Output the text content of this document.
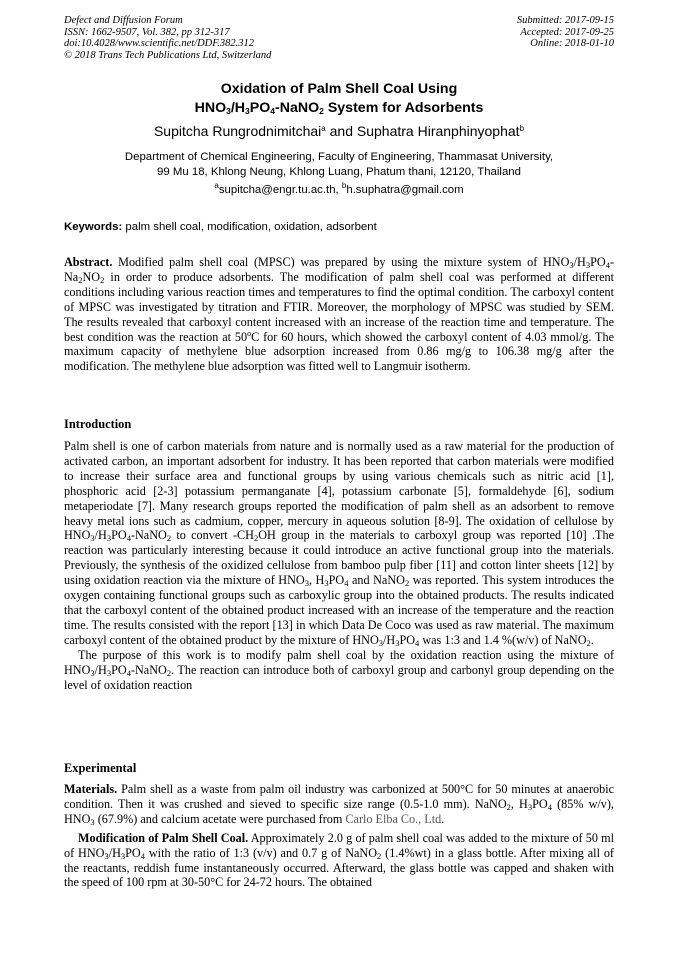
Defect and Diffusion Forum
ISSN: 1662-9507, Vol. 382, pp 312-317
doi:10.4028/www.scientific.net/DDF.382.312
© 2018 Trans Tech Publications Ltd, Switzerland
Submitted: 2017-09-15
Accepted: 2017-09-25
Online: 2018-01-10
Oxidation of Palm Shell Coal Using
$HNO_3/H_3PO_4-NaNO_2$ System for Adsorbents
Supitcha Rungrodnimitchai$^a$ and Suphatra Hiranphinyophat$^b$
Department of Chemical Engineering, Faculty of Engineering, Thammasat University,
99 Mu 18, Khlong Neung, Khlong Luang, Phatum thani, 12120, Thailand
$^a$supitcha@engr.tu.ac.th, $^b$h.suphatra@gmail.com
Keywords: palm shell coal, modification, oxidation, adsorbent

Abstract. Modified palm shell coal (MPSC) was prepared by using the mixture system of $HNO_3/H_3PO_4-Na_2NO_2$ in order to produce adsorbents. The modification of palm shell coal was performed at different conditions including various reaction times and temperatures to find the optimal condition. The carboxyl content of MPSC was investigated by titration and FTIR. Moreover, the morphology of MPSC was studied by SEM. The results revealed that carboxyl content increased with an increase of the reaction time and temperature. The best condition was the reaction at 50$^o$C for 60 hours, which showed the carboxyl content of 4.03 mmol/g. The maximum capacity of methylene blue adsorption increased from 0.86 mg/g to 106.38 mg/g after the modification. The methylene blue adsorption was fitted well to Langmuir isotherm.

Introduction

Palm shell is one of carbon materials from nature and is normally used as a raw material for the production of activated carbon, an important adsorbent for industry. It has been reported that carbon materials were modified to increase their surface area and functional groups by using various chemicals such as nitric acid [1], phosphoric acid [2-3] potassium permanganate [4], potassium carbonate [5], formaldehyde [6], sodium metaperiodate [7]. Many research groups reported the modification of palm shell as an adsorbent to remove heavy metal ions such as cadmium, copper, mercury in aqueous solution [8-9]. The oxidation of cellulose by $HNO_3/H_3PO_4-NaNO_2$ to convert $-CH_2OH$ group in the materials to carboxyl group was reported [10] .The reaction was particularly interesting because it could introduce an active functional group into the materials. Previously, the synthesis of the oxidized cellulose from bamboo pulp fiber [11] and cotton linter sheets [12] by using oxidation reaction via the mixture of $HNO_3$, $H_3PO_4$ and NaNO$_2$ was reported. This system introduces the oxygen containing functional groups such as carboxylic group into the obtained products. The results indicated that the carboxyl content of the obtained product increased with an increase of the temperature and the reaction time. The results consisted with the report [13] in which Data De Coco was used as raw material. The maximum carboxyl content of the obtained product by the mixture of $HNO_3/H_3PO_4$ was 1:3 and 1.4 %(w/v) of NaNO$_2$.

The purpose of this work is to modify palm shell coal by the oxidation reaction using the mixture of $HNO_3/H_3PO_4-NaNO_2$. The reaction can introduce both of carboxyl group and carbonyl group depending on the level of oxidation reaction

Experimental

Materials. Palm shell as a waste from palm oil industry was carbonized at 500°C for 50 minutes at anaerobic condition. Then it was crushed and sieved to specific size range (0.5-1.0 mm). NaNO$_2$, $H_3PO_4$ (85% w/v), $HNO_3$ (67.9%) and calcium acetate were purchased from Carlo Elba Co., Ltd.

Modification of Palm Shell Coal. Approximately 2.0 g of palm shell coal was added to the mixture of 50 ml of $HNO_3/H_3PO_4$ with the ratio of 1:3 (v/v) and 0.7 g of NaNO$_2$ (1.4%wt) in a glass bottle. After mixing all of the reactants, reddish fume instantaneously occurred. Afterward, the glass bottle was capped and shaken with the speed of 100 rpm at 30-50°C for 24-72 hours. The obtained
